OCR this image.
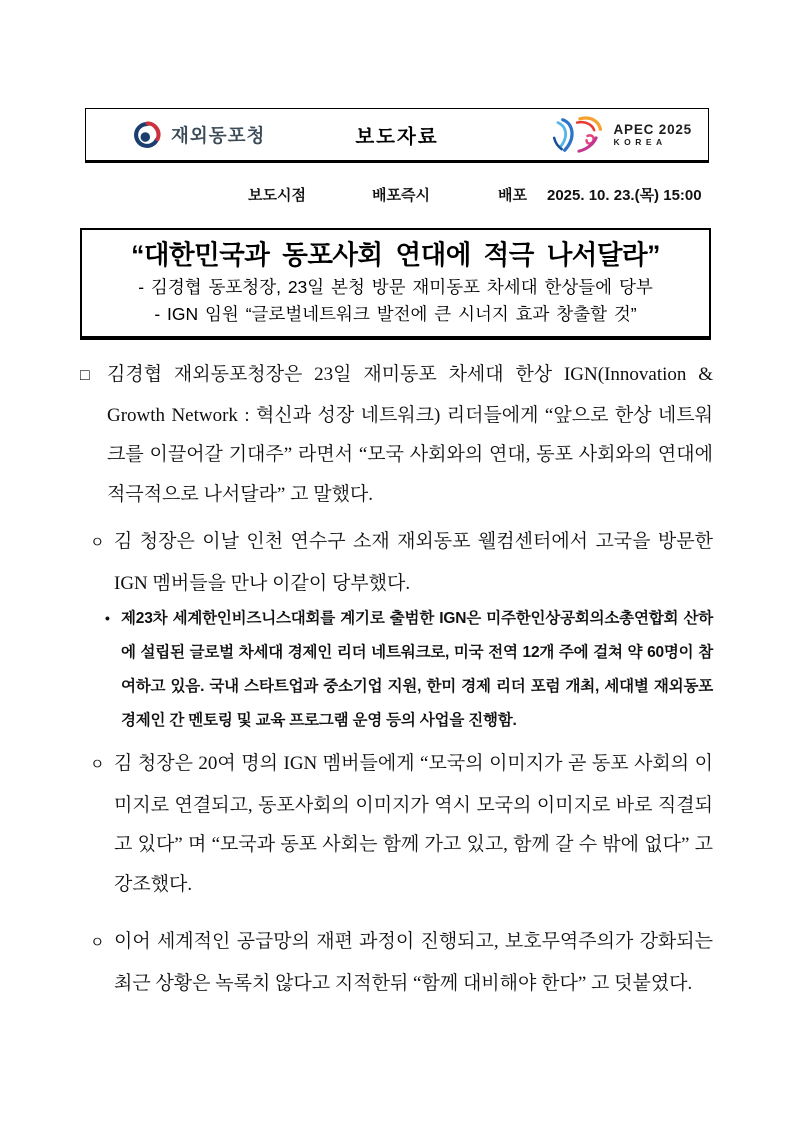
재외동포청	보도자료	APEC 2025
KOREA
보도시점	배포즉시	배포 2025. 10. 23.(목) 15:00
“대한민국과 동포사회 연대에 적극 나서달라”
- 김경협 동포청장, 23일 본청 방문 재미동포 차세대 한상들에 당부
- IGN 임원 “글로벌네트워크 발전에 큰 시너지 효과 창출할 것”
□ 김경협 재외동포청장은 23일 재미동포 차세대 한상 IGN(Innovation & Growth Network : 혁신과 성장 네트워크) 리더들에게 “앞으로 한상 네트워크를 이끌어갈 기대주” 라면서 “모국 사회와의 연대, 동포 사회와의 연대에 적극적으로 나서달라” 고 말했다.
ㅇ 김 청장은 이날 인천 연수구 소재 재외동포 웰컴센터에서 고국을 방문한 IGN 멤버들을 만나 이같이 당부했다.
• 제23차 세계한인비즈니스대회를 계기로 출범한 IGN은 미주한인상공회의소총연합회 산하에 설립된 글로벌 차세대 경제인 리더 네트워크로, 미국 전역 12개 주에 걸쳐 약 60명이 참여하고 있음. 국내 스타트업과 중소기업 지원, 한미 경제 리더 포럼 개최, 세대별 재외동포 경제인 간 멘토링 및 교육 프로그램 운영 등의 사업을 진행함.
ㅇ 김 청장은 20여 명의 IGN 멤버들에게 “모국의 이미지가 곧 동포 사회의 이미지로 연결되고, 동포사회의 이미지가 역시 모국의 이미지로 바로 직결되고 있다” 며 “모국과 동포 사회는 함께 가고 있고, 함께 갈 수 밖에 없다” 고 강조했다.
ㅇ 이어 세계적인 공급망의 재편 과정이 진행되고, 보호무역주의가 강화되는 최근 상황은 녹록치 않다고 지적한뒤 “함께 대비해야 한다” 고 덧붙였다.
